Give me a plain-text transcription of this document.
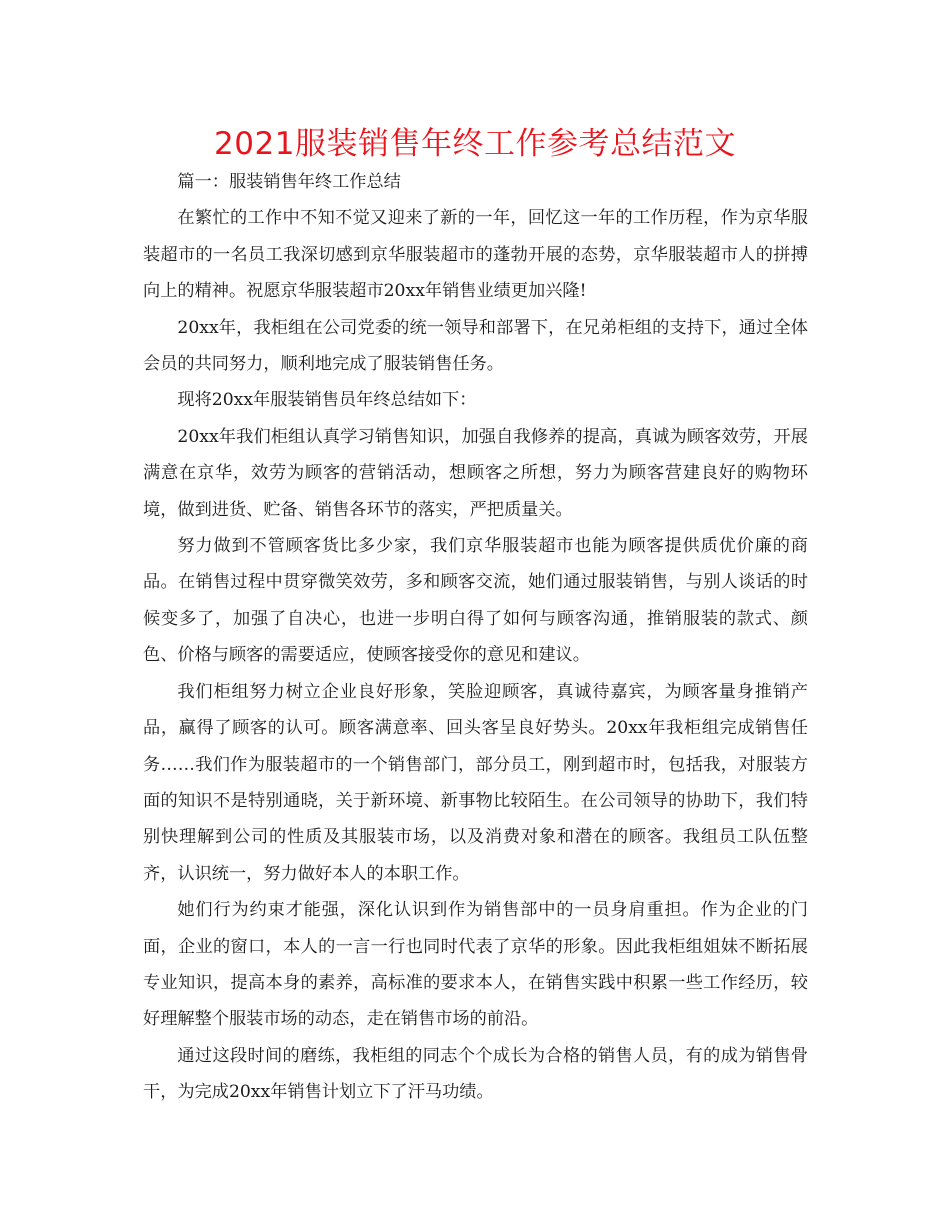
2021服装销售年终工作参考总结范文

篇一：服装销售年终工作总结

在繁忙的工作中不知不觉又迎来了新的一年，回忆这一年的工作历程，作为京华服装超市的一名员工我深切感到京华服装超市的蓬勃开展的态势，京华服装超市人的拼搏向上的精神。祝愿京华服装超市20xx年销售业绩更加兴隆!

20xx年，我柜组在公司党委的统一领导和部署下，在兄弟柜组的支持下，通过全体会员的共同努力，顺利地完成了服装销售任务。

现将20xx年服装销售员年终总结如下：

20xx年我们柜组认真学习销售知识，加强自我修养的提高，真诚为顾客效劳，开展满意在京华，效劳为顾客的营销活动，想顾客之所想，努力为顾客营建良好的购物环境，做到进货、贮备、销售各环节的落实，严把质量关。

努力做到不管顾客货比多少家，我们京华服装超市也能为顾客提供质优价廉的商品。在销售过程中贯穿微笑效劳，多和顾客交流，她们通过服装销售，与别人谈话的时候变多了，加强了自决心，也进一步明白得了如何与顾客沟通，推销服装的款式、颜色、价格与顾客的需要适应，使顾客接受你的意见和建议。

我们柜组努力树立企业良好形象，笑脸迎顾客，真诚待嘉宾，为顾客量身推销产品，赢得了顾客的认可。顾客满意率、回头客呈良好势头。20xx年我柜组完成销售任务……我们作为服装超市的一个销售部门，部分员工，刚到超市时，包括我，对服装方面的知识不是特别通晓，关于新环境、新事物比较陌生。在公司领导的协助下，我们特别快理解到公司的性质及其服装市场，以及消费对象和潜在的顾客。我组员工队伍整齐，认识统一，努力做好本人的本职工作。

她们行为约束才能强，深化认识到作为销售部中的一员身肩重担。作为企业的门面，企业的窗口，本人的一言一行也同时代表了京华的形象。因此我柜组姐妹不断拓展专业知识，提高本身的素养，高标准的要求本人，在销售实践中积累一些工作经历，较好理解整个服装市场的动态，走在销售市场的前沿。

通过这段时间的磨练，我柜组的同志个个成长为合格的销售人员，有的成为销售骨干，为完成20xx年销售计划立下了汗马功绩。
